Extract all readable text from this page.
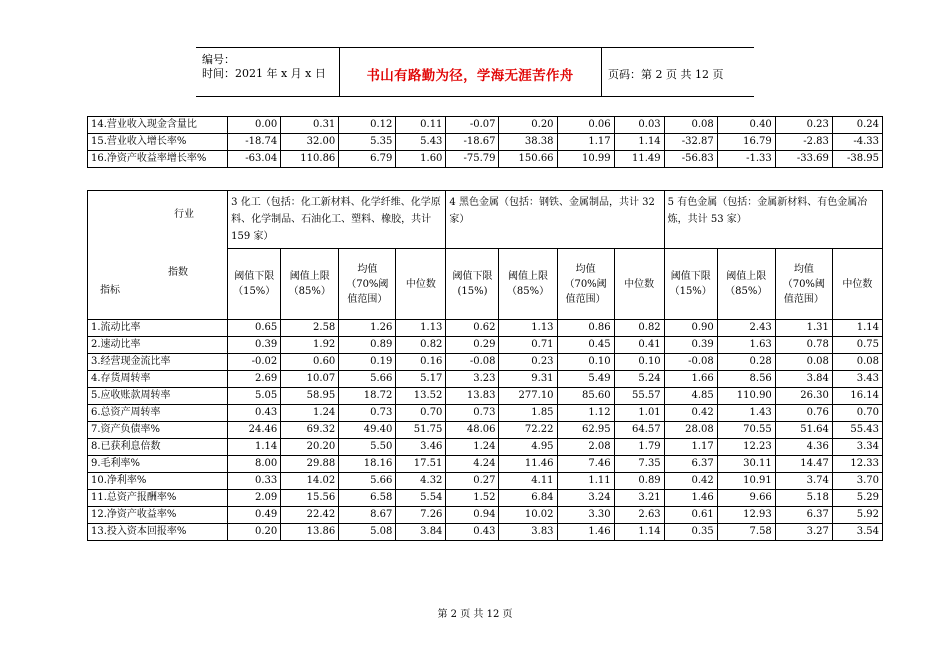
编号：
时间：2021 年 x 月 x 日	书山有路勤为径，学海无涯苦作舟	页码：第 2 页 共 12 页
14.营业收入现金含量比	0.00	0.31	0.12	0.11	-0.07	0.20	0.06	0.03	0.08	0.40	0.23	0.24
15.营业收入增长率%	-18.74	32.00	5.35	5.43	-18.67	38.38	1.17	1.14	-32.87	16.79	-2.83	-4.33
16.净资产收益率增长率%	-63.04	110.86	6.79	1.60	-75.79	150.66	10.99	11.49	-56.83	-1.33	-33.69	-38.95
行业
指数
指标	3 化工（包括：化工新材料、化学纤维、化学原料、化学制品、石油化工、塑料、橡胶，共计 159 家）				4 黑色金属（包括：钢铁、金属制品，共计 32 家）				5 有色金属（包括：金属新材料、有色金属冶炼，共计 53 家）			
	阈值下限（15%）	阈值上限（85%）	均值（70%阈值范围）	中位数	阈值下限(15%)	阈值上限（85%）	均值（70%阈值范围）	中位数	阈值下限（15%）	阈值上限（85%）	均值（70%阈值范围）	中位数
1.流动比率	0.65	2.58	1.26	1.13	0.62	1.13	0.86	0.82	0.90	2.43	1.31	1.14
2.速动比率	0.39	1.92	0.89	0.82	0.29	0.71	0.45	0.41	0.39	1.63	0.78	0.75
3.经营现金流比率	-0.02	0.60	0.19	0.16	-0.08	0.23	0.10	0.10	-0.08	0.28	0.08	0.08
4.存货周转率	2.69	10.07	5.66	5.17	3.23	9.31	5.49	5.24	1.66	8.56	3.84	3.43
5.应收账款周转率	5.05	58.95	18.72	13.52	13.83	277.10	85.60	55.57	4.85	110.90	26.30	16.14
6.总资产周转率	0.43	1.24	0.73	0.70	0.73	1.85	1.12	1.01	0.42	1.43	0.76	0.70
7.资产负债率%	24.46	69.32	49.40	51.75	48.06	72.22	62.95	64.57	28.08	70.55	51.64	55.43
8.已获利息倍数	1.14	20.20	5.50	3.46	1.24	4.95	2.08	1.79	1.17	12.23	4.36	3.34
9.毛利率%	8.00	29.88	18.16	17.51	4.24	11.46	7.46	7.35	6.37	30.11	14.47	12.33
10.净利率%	0.33	14.02	5.66	4.32	0.27	4.11	1.11	0.89	0.42	10.91	3.74	3.70
11.总资产报酬率%	2.09	15.56	6.58	5.54	1.52	6.84	3.24	3.21	1.46	9.66	5.18	5.29
12.净资产收益率%	0.49	22.42	8.67	7.26	0.94	10.02	3.30	2.63	0.61	12.93	6.37	5.92
13.投入资本回报率%	0.20	13.86	5.08	3.84	0.43	3.83	1.46	1.14	0.35	7.58	3.27	3.54
第 2 页 共 12 页
